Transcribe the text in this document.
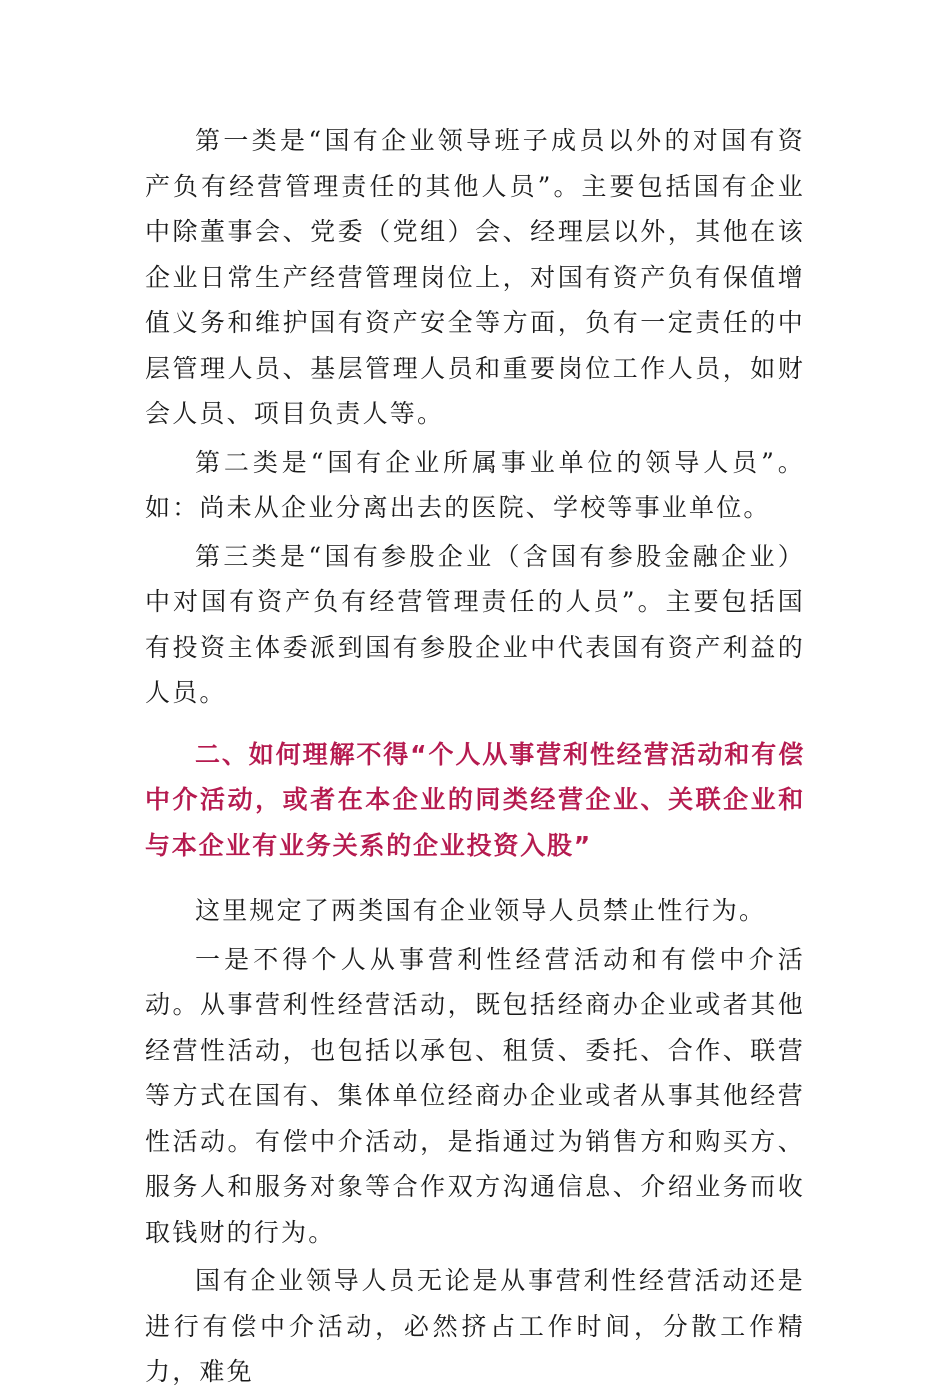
第一类是“国有企业领导班子成员以外的对国有资产负有经营管理责任的其他人员”。主要包括国有企业中除董事会、党委（党组）会、经理层以外，其他在该企业日常生产经营管理岗位上，对国有资产负有保值增值义务和维护国有资产安全等方面，负有一定责任的中层管理人员、基层管理人员和重要岗位工作人员，如财会人员、项目负责人等。

第二类是“国有企业所属事业单位的领导人员”。如：尚未从企业分离出去的医院、学校等事业单位。

第三类是“国有参股企业（含国有参股金融企业）中对国有资产负有经营管理责任的人员”。主要包括国有投资主体委派到国有参股企业中代表国有资产利益的人员。

二、如何理解不得“个人从事营利性经营活动和有偿中介活动，或者在本企业的同类经营企业、关联企业和与本企业有业务关系的企业投资入股”

这里规定了两类国有企业领导人员禁止性行为。

一是不得个人从事营利性经营活动和有偿中介活动。从事营利性经营活动，既包括经商办企业或者其他经营性活动，也包括以承包、租赁、委托、合作、联营等方式在国有、集体单位经商办企业或者从事其他经营性活动。有偿中介活动，是指通过为销售方和购买方、服务人和服务对象等合作双方沟通信息、介绍业务而收取钱财的行为。

国有企业领导人员无论是从事营利性经营活动还是进行有偿中介活动，必然挤占工作时间，分散工作精力，难免
